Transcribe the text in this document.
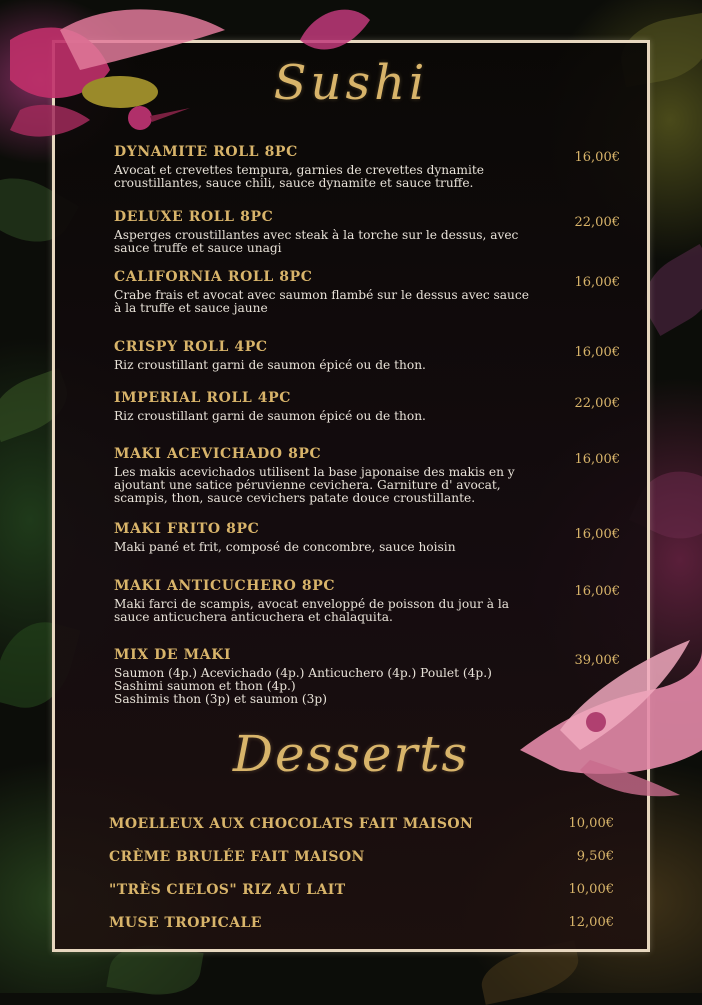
Sushi
DYNAMITE ROLL 8PC	16,00€
Avocat et crevettes tempura, garnies de crevettes dynamite
croustillantes, sauce chili, sauce dynamite et sauce truffe.
DELUXE ROLL 8PC	22,00€
Asperges croustillantes avec steak à la torche sur le dessus, avec
sauce truffe et sauce unagi
CALIFORNIA ROLL 8PC	16,00€
Crabe frais et avocat avec saumon flambé sur le dessus avec sauce
à la truffe et sauce jaune
CRISPY ROLL 4PC	16,00€
Riz croustillant garni de saumon épicé ou de thon.
IMPERIAL ROLL 4PC	22,00€
Riz croustillant garni de saumon épicé ou de thon.
MAKI ACEVICHADO 8PC	16,00€
Les makis acevichados utilisent la base japonaise des makis en y
ajoutant une satice péruvienne cevichera. Garniture d' avocat,
scampis, thon, sauce cevichers patate douce croustillante.
MAKI FRITO 8PC	16,00€
Maki pané et frit, composé de concombre, sauce hoisin
MAKI ANTICUCHERO 8PC	16,00€
Maki farci de scampis, avocat enveloppé de poisson du jour à la
sauce anticuchera anticuchera et chalaquita.
MIX DE MAKI	39,00€
Saumon (4p.) Acevichado (4p.) Anticuchero (4p.) Poulet (4p.)
Sashimi saumon et thon (4p.)
Sashimis thon (3p) et saumon (3p)
Desserts
MOELLEUX AUX CHOCOLATS FAIT MAISON	10,00€
CRÈME BRULÉE FAIT MAISON	9,50€
"TRÈS CIELOS" RIZ AU LAIT	10,00€
MUSE TROPICALE	12,00€
